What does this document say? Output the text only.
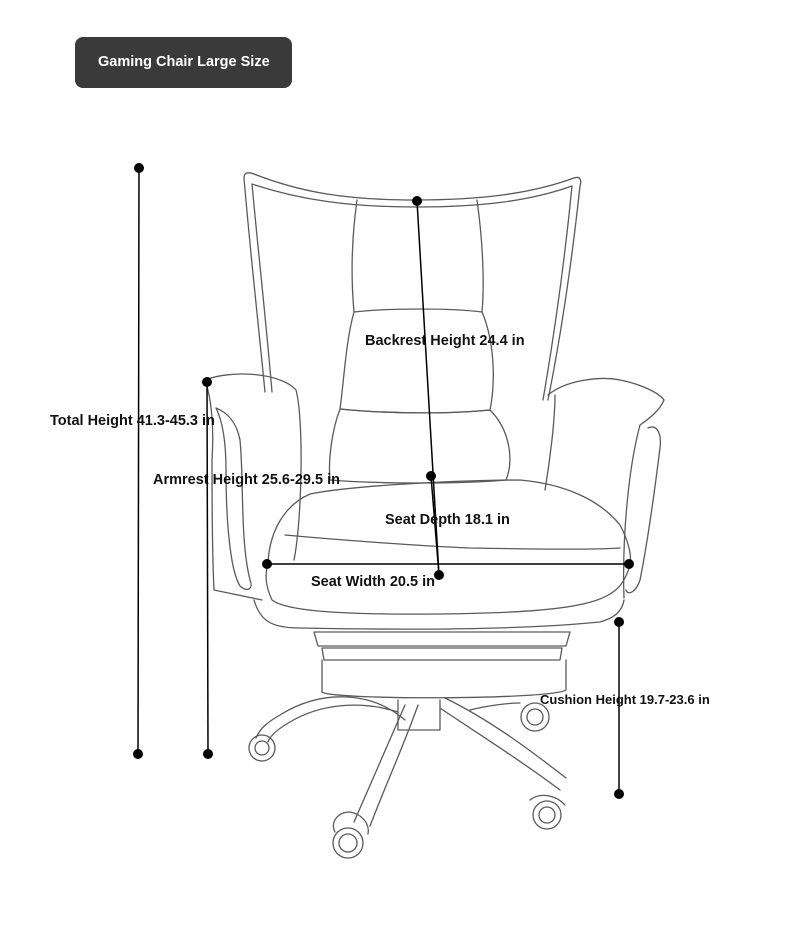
Gaming Chair Large Size
Total Height 41.3-45.3 in
Armrest Height 25.6-29.5 in
Backrest Height 24.4 in
Seat Depth 18.1 in
Seat Width 20.5 in
Cushion Height 19.7-23.6 in
